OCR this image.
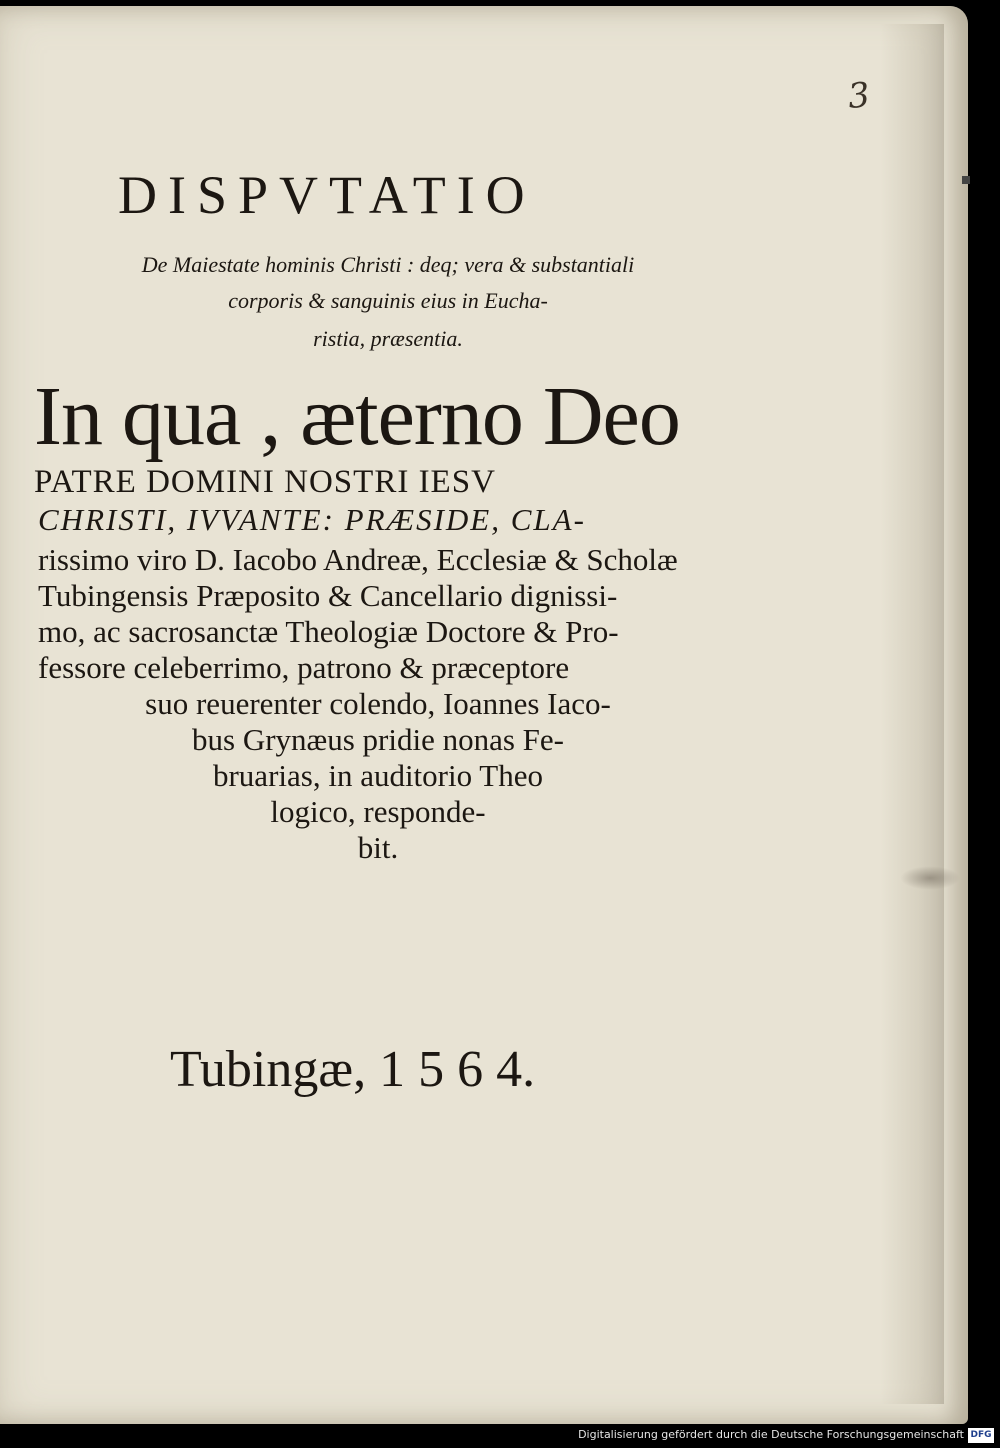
3

DISPVTATIO

De Maiestate hominis Christi : deq; vera & substantiali

corporis & sanguinis eius in Eucha-

ristia, præsentia.

In qua , æterno Deo

PATRE DOMINI NOSTRI IESV

CHRISTI, IVVANTE: PRÆSIDE, CLA-

rissimo viro D. Iacobo Andreæ, Ecclesiæ & Scholæ

Tubingensis Præposito & Cancellario dignissi-

mo, ac sacrosanctæ Theologiæ Doctore & Pro-

fessore celeberrimo, patrono & præceptore

suo reuerenter colendo, Ioannes Iaco-

bus Grynæus pridie nonas Fe-

bruarias, in auditorio Theo

logico, responde-

bit.

Tubingæ, 1 5 6 4.

Digitalisierung gefördert durch die Deutsche Forschungsgemeinschaft DFG
